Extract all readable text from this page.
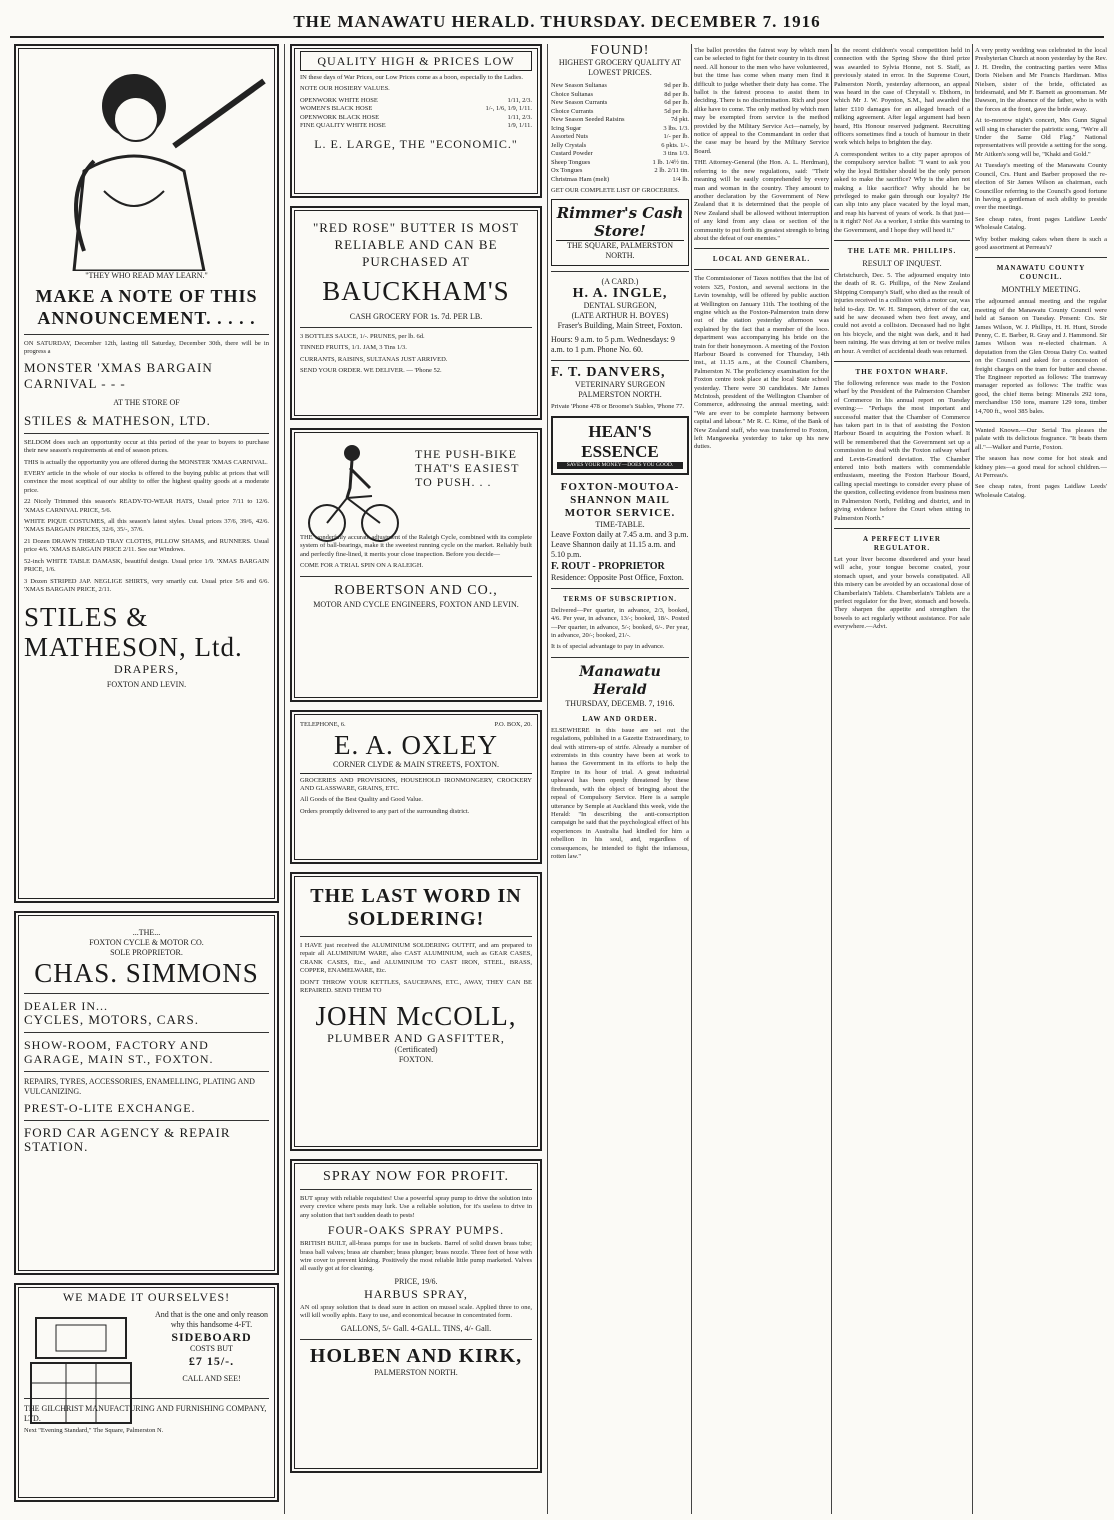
THE MANAWATU HERALD. THURSDAY. DECEMBER 7. 1916
"THEY WHO READ MAY LEARN."
MAKE A NOTE OF THIS ANNOUNCEMENT. . . . .
ON SATURDAY, December 12th, lasting till Saturday, December 30th, there will be in progress a
MONSTER 'XMAS BARGAIN CARNIVAL - - -
AT THE STORE OF
STILES & MATHESON, LTD.
SELDOM does such an opportunity occur at this period of the year to buyers to purchase their new season's requirements at end of season prices.
THIS is actually the opportunity you are offered during the MONSTER 'XMAS CARNIVAL.
EVERY article in the whole of our stocks is offered to the buying public at prices that will convince the most sceptical of our ability to offer the highest quality goods at a moderate price.
22 Nicely Trimmed this season's READY-TO-WEAR HATS, Usual price 7/11 to 12/6. 'XMAS CARNIVAL PRICE, 5/6.
WHITE PIQUE COSTUMES, all this season's latest styles. Usual prices 37/6, 39/6, 42/6. 'XMAS BARGAIN PRICES, 32/6, 35/-, 37/6.
21 Dozen DRAWN THREAD TRAY CLOTHS, PILLOW SHAMS, and RUNNERS. Usual price 4/6. 'XMAS BARGAIN PRICE 2/11. See our Windows.
52-inch WHITE TABLE DAMASK, beautiful design. Usual price 1/9. 'XMAS BARGAIN PRICE, 1/6.
3 Dozen STRIPED JAP. NEGLIGE SHIRTS, very smartly cut. Usual price 5/6 and 6/6. 'XMAS BARGAIN PRICE, 2/11.
STILES & MATHESON, Ltd.
DRAPERS,
FOXTON AND LEVIN.
...THE...
FOXTON CYCLE & MOTOR CO.
SOLE PROPRIETOR.
CHAS. SIMMONS
DEALER IN...
CYCLES, MOTORS, CARS.
SHOW-ROOM, FACTORY AND GARAGE, MAIN ST., FOXTON.
REPAIRS, TYRES, ACCESSORIES, ENAMELLING, PLATING AND VULCANIZING.
PREST-O-LITE EXCHANGE.
FORD CAR AGENCY & REPAIR STATION.
WE MADE IT OURSELVES!
And that is the one and only reason why this handsome 4-FT.
SIDEBOARD
COSTS BUT
£7 15/-.
CALL AND SEE!
THE GILCHRIST MANUFACTURING AND FURNISHING COMPANY, LTD.
Next "Evening Standard," The Square, Palmerston N.
QUALITY HIGH & PRICES LOW
IN these days of War Prices, our Low Prices come as a boon, especially to the Ladies.
NOTE OUR HOSIERY VALUES.
OPENWORK WHITE HOSE	1/11, 2/3.
WOMEN'S BLACK HOSE	1/-, 1/6, 1/9, 1/11.
OPENWORK BLACK HOSE	1/11, 2/3.
FINE QUALITY WHITE HOSE	1/9, 1/11.
L. E. LARGE, THE "ECONOMIC."
"RED ROSE" BUTTER IS MOST RELIABLE AND CAN BE PURCHASED AT
BAUCKHAM'S
CASH GROCERY FOR 1s. 7d. PER LB.
3 BOTTLES SAUCE, 1/-. PRUNES, per lb. 6d.
TINNED FRUITS, 1/1. JAM, 3 Tins 1/3.
CURRANTS, RAISINS, SULTANAS JUST ARRIVED.
SEND YOUR ORDER. WE DELIVER. — 'Phone 52.
THE PUSH-BIKE THAT'S EASIEST TO PUSH. . .
THE wonderfully accurate adjustment of the Raleigh Cycle, combined with its complete system of ball-bearings, make it the sweetest running cycle on the market. Reliably built and perfectly fine-lined, it merits your close inspection. Before you decide—
COME FOR A TRIAL SPIN ON A RALEIGH.
ROBERTSON AND CO.,
MOTOR AND CYCLE ENGINEERS, FOXTON AND LEVIN.
TELEPHONE, 6.	P.O. BOX, 20.
E. A. OXLEY
CORNER CLYDE & MAIN STREETS, FOXTON.
GROCERIES AND PROVISIONS, HOUSEHOLD IRONMONGERY, CROCKERY AND GLASSWARE, GRAINS, ETC.
All Goods of the Best Quality and Good Value.
Orders promptly delivered to any part of the surrounding district.
THE LAST WORD IN SOLDERING!
I HAVE just received the ALUMINIUM SOLDERING OUTFIT, and am prepared to repair all ALUMINIUM WARE, also CAST ALUMINIUM, such as GEAR CASES, CRANK CASES, Etc., and ALUMINIUM TO CAST IRON, STEEL, BRASS, COPPER, ENAMELWARE, Etc.
DON'T THROW YOUR KETTLES, SAUCEPANS, ETC., AWAY, THEY CAN BE REPAIRED. SEND THEM TO
JOHN McCOLL,
PLUMBER AND GASFITTER,
(Certificated)
FOXTON.
SPRAY NOW FOR PROFIT.
BUT spray with reliable requisites! Use a powerful spray pump to drive the solution into every crevice where pests may lurk. Use a reliable solution, for it's useless to drive in any solution that isn't sudden death to pests!
FOUR-OAKS SPRAY PUMPS.
BRITISH BUILT, all-brass pumps for use in buckets. Barrel of solid drawn brass tube; brass ball valves; brass air chamber; brass plunger; brass nozzle. Three feet of hose with wire cover to prevent kinking. Positively the most reliable little pump marketed. Valves all easily got at for cleaning.
PRICE, 19/6.
HARBUS SPRAY,
AN oil spray solution that is dead sure in action on mussel scale. Applied three to one, will kill woolly aphis. Easy to use, and economical because in concentrated form.
GALLONS, 5/- Gall. 4-GALL. TINS, 4/- Gall.
HOLBEN AND KIRK,
PALMERSTON NORTH.
FOUND!
HIGHEST GROCERY QUALITY AT LOWEST PRICES.
New Season Sultanas	9d per lb.
Choice Sultanas	8d per lb.
New Season Currants	6d per lb.
Choice Currants	5d per lb.
New Season Seeded Raisins	7d pkt.
Icing Sugar	3 lbs. 1/3.
Assorted Nuts	1/- per lb.
Jelly Crystals	6 pkts. 1/-.
Custard Powder	3 tins 1/3.
Sheep Tongues	1 lb. 1/4½ tin.
Ox Tongues	2 lb. 2/11 tin.
Christmas Ham (melt)	1/4 lb.
GET OUR COMPLETE LIST OF GROCERIES.
Rimmer's Cash Store!
THE SQUARE, PALMERSTON NORTH.
(A CARD.)
H. A. INGLE,
DENTAL SURGEON,
(LATE ARTHUR H. BOYES)
Fraser's Building, Main Street, Foxton.
Hours: 9 a.m. to 5 p.m. Wednesdays: 9 a.m. to 1 p.m. Phone No. 60.
F. T. DANVERS,
VETERINARY SURGEON
PALMERSTON NORTH.
Private 'Phone 478 or Broome's Stables, 'Phone 77.
HEAN'S ESSENCE
SAVES YOUR MONEY—DOES YOU GOOD.
FOXTON-MOUTOA-SHANNON MAIL MOTOR SERVICE.
TIME-TABLE.
Leave Foxton daily at 7.45 a.m. and 3 p.m.
Leave Shannon daily at 11.15 a.m. and 5.10 p.m.
F. ROUT - PROPRIETOR
Residence: Opposite Post Office, Foxton.
TERMS OF SUBSCRIPTION.
Delivered—Per quarter, in advance, 2/3, booked, 4/6. Per year, in advance, 13/-; booked, 18/-. Posted—Per quarter, in advance, 5/-; booked, 6/-. Per year, in advance, 20/-; booked, 21/-.
It is of special advantage to pay in advance.
Manawatu Herald
THURSDAY, DECEMB. 7, 1916.
LAW AND ORDER.
ELSEWHERE in this issue are set out the regulations, published in a Gazette Extraordinary, to deal with stirrers-up of strife. Already a number of extremists in this country have been at work to harass the Government in its efforts to help the Empire in its hour of trial. A great industrial upheaval has been openly threatened by these firebrands, with the object of bringing about the repeal of Compulsory Service. Here is a sample utterance by Semple at Auckland this week, vide the Herald: "In describing the anti-conscription campaign he said that the psychological effect of his experiences in Australia had kindled for him a rebellion in his soul, and, regardless of consequences, he intended to fight the infamous, rotten law."
The ballot provides the fairest way by which men can be selected to fight for their country in its direst need. All honour to the men who have volunteered, but the time has come when many men find it difficult to judge whether their duty has come. The ballot is the fairest process to assist them in deciding. There is no discrimination. Rich and poor alike have to come. The only method by which men may be exempted from service is the method provided by the Military Service Act—namely, by notice of appeal to the Commandant in order that the case may be heard by the Military Service Board.
THE Attorney-General (the Hon. A. L. Herdman), referring to the new regulations, said: "Their meaning will be easily comprehended by every man and woman in the country. They amount to another declaration by the Government of New Zealand that it is determined that the people of New Zealand shall be allowed without interruption of any kind from any class or section of the community to put forth its greatest strength to bring about the defeat of our enemies."
LOCAL AND GENERAL.
The Commissioner of Taxes notifies that the list of voters 325, Foxton, and several sections in the Levin township, will be offered by public auction at Wellington on January 11th. The toothing of the engine which as the Foxton-Palmerston train drew out of the station yesterday afternoon was explained by the fact that a member of the loco. department was accompanying his bride on the train for their honeymoon. A meeting of the Foxton Harbour Board is convened for Thursday, 14th inst., at 11.15 a.m., at the Council Chambers, Palmerston N. The proficiency examination for the Foxton centre took place at the local State school yesterday. There were 30 candidates. Mr James McIntosh, president of the Wellington Chamber of Commerce, addressing the annual meeting, said: "We are ever to be complete harmony between capital and labour." Mr R. C. Kime, of the Bank of New Zealand staff, who was transferred to Foxton, left Mangaweka yesterday to take up his new duties.
In the recent children's vocal competition held in connection with the Spring Show the third prize was awarded to Sylvia Honne, not S. Staff, as previously stated in error. In the Supreme Court, Palmerston North, yesterday afternoon, an appeal was heard in the case of Chrystall v. Ebthorn, in which Mr J. W. Poynton, S.M., had awarded the latter £110 damages for an alleged breach of a milking agreement. After legal argument had been heard, His Honour reserved judgment. Recruiting officers sometimes find a touch of humour in their work which helps to brighten the day.
A correspondent writes to a city paper apropos of the compulsory service ballot: "I want to ask you why the loyal Britisher should be the only person asked to make the sacrifice? Why is the alien not making a like sacrifice? Why should he be privileged to make gain through our loyalty? He can slip into any place vacated by the loyal man, and reap his harvest of years of work. Is that just—is it right? No! As a worker, I strike this warning to the Government, and I hope they will heed it."
THE LATE MR. PHILLIPS.
RESULT OF INQUEST.
Christchurch, Dec. 5. The adjourned enquiry into the death of R. G. Phillips, of the New Zealand Shipping Company's Staff, who died as the result of injuries received in a collision with a motor car, was held to-day. Dr. W. H. Simpson, driver of the car, said he saw deceased when two feet away, and could not avoid a collision. Deceased had no light on his bicycle, and the night was dark, and it had been raining. He was driving at ten or twelve miles an hour. A verdict of accidental death was returned.
THE FOXTON WHARF.
The following reference was made to the Foxton wharf by the President of the Palmerston Chamber of Commerce in his annual report on Tuesday evening:— "Perhaps the most important and successful matter that the Chamber of Commerce has taken part in is that of assisting the Foxton Harbour Board in acquiring the Foxton wharf. It will be remembered that the Government set up a commission to deal with the Foxton railway wharf and Levin-Greatford deviation. The Chamber entered into both matters with commendable enthusiasm, meeting the Foxton Harbour Board, calling special meetings to consider every phase of the question, collecting evidence from business men in Palmerston North, Feilding and district, and in giving evidence before the Court when sitting in Palmerston North."
A PERFECT LIVER REGULATOR.
Let your liver become disordered and your head will ache, your tongue become coated, your stomach upset, and your bowels constipated. All this misery can be avoided by an occasional dose of Chamberlain's Tablets. Chamberlain's Tablets are a perfect regulator for the liver, stomach and bowels. They sharpen the appetite and strengthen the bowels to act regularly without assistance. For sale everywhere.—Advt.
A very pretty wedding was celebrated in the local Presbyterian Church at noon yesterday by the Rev. J. H. Dredin, the contracting parties were Miss Doris Nielsen and Mr Francis Hardiman. Miss Nielsen, sister of the bride, officiated as bridesmaid, and Mr F. Barnett as groomsman. Mr Dawson, in the absence of the father, who is with the forces at the front, gave the bride away.
At to-morrow night's concert, Mrs Gunn Signal will sing in character the patriotic song, "We're all Under the Same Old Flag." National representatives will provide a setting for the song. Mr Aitken's song will be, "Khaki and Gold."
At Tuesday's meeting of the Manawatu County Council, Crs. Hunt and Barber proposed the re-election of Sir James Wilson as chairman, each Councillor referring to the Council's good fortune in having a gentleman of such ability to preside over the meetings.
See cheap rates, front pages Laidlaw Leeds' Wholesale Catalog.
Why bother making cakes when there is such a good assortment at Perreau's?
MANAWATU COUNTY COUNCIL.
MONTHLY MEETING.
The adjourned annual meeting and the regular meeting of the Manawatu County Council were held at Sanson on Tuesday. Present: Crs. Sir James Wilson, W. J. Phillips, H. H. Hunt, Strode Penny, C. E. Barber, R. Gray and J. Hammond. Sir James Wilson was re-elected chairman. A deputation from the Glen Oroua Dairy Co. waited on the Council and asked for a concession of freight charges on the tram for butter and cheese. The Engineer reported as follows: The tramway manager reported as follows: The traffic was good, the chief items being: Minerals 292 tons, merchandise 150 tons, manure 129 tons, timber 14,700 ft., wool 385 bales.
Wanted Known.—Our Serial Tea pleases the palate with its delicious fragrance. "It beats them all."—Walker and Furrie, Foxton.
The season has now come for hot steak and kidney pies—a good meal for school children.—At Perreau's.
See cheap rates, front pages Laidlaw Leeds' Wholesale Catalog.
